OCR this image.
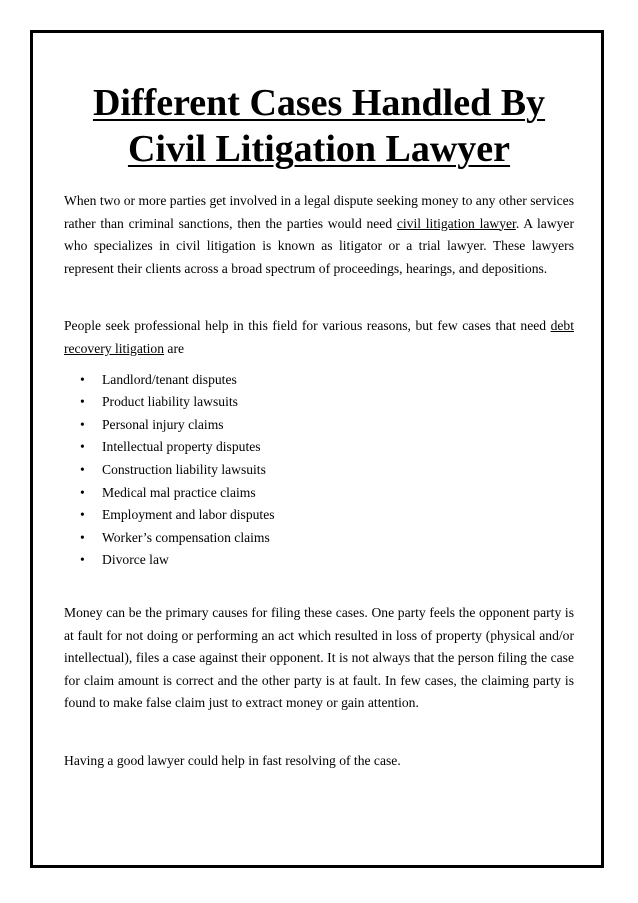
Different Cases Handled By
Civil Litigation Lawyer

When two or more parties get involved in a legal dispute seeking money to any other services rather than criminal sanctions, then the parties would need civil litigation lawyer. A lawyer who specializes in civil litigation is known as litigator or a trial lawyer. These lawyers represent their clients across a broad spectrum of proceedings, hearings, and depositions.

People seek professional help in this field for various reasons, but few cases that need debt recovery litigation are

• Landlord/tenant disputes
• Product liability lawsuits
• Personal injury claims
• Intellectual property disputes
• Construction liability lawsuits
• Medical mal practice claims
• Employment and labor disputes
• Worker’s compensation claims
• Divorce law

Money can be the primary causes for filing these cases. One party feels the opponent party is at fault for not doing or performing an act which resulted in loss of property (physical and/or intellectual), files a case against their opponent. It is not always that the person filing the case for claim amount is correct and the other party is at fault. In few cases, the claiming party is found to make false claim just to extract money or gain attention.

Having a good lawyer could help in fast resolving of the case.
